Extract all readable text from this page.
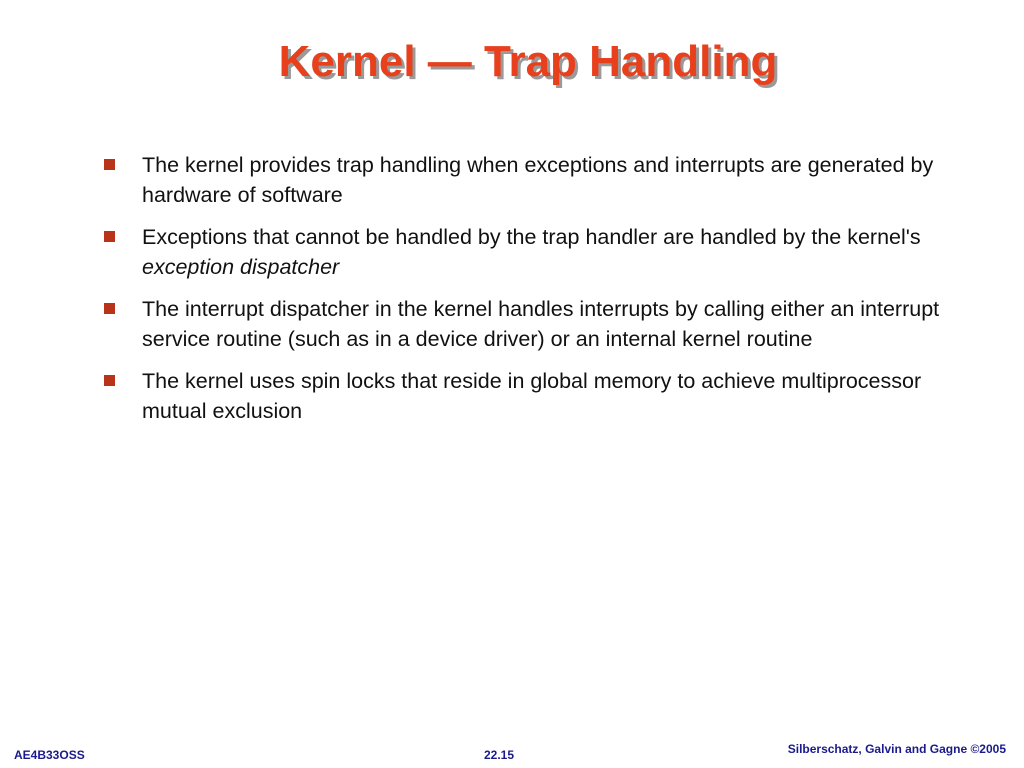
Kernel — Trap Handling
The kernel provides trap handling when exceptions and interrupts are generated by hardware of software
Exceptions that cannot be handled by the trap handler are handled by the kernel's exception dispatcher
The interrupt dispatcher in the kernel handles interrupts by calling either an interrupt service routine (such as in a device driver) or an internal kernel routine
The kernel uses spin locks that reside in global memory to achieve multiprocessor mutual exclusion
AE4B33OSS	22.15	Silberschatz, Galvin and Gagne ©2005
